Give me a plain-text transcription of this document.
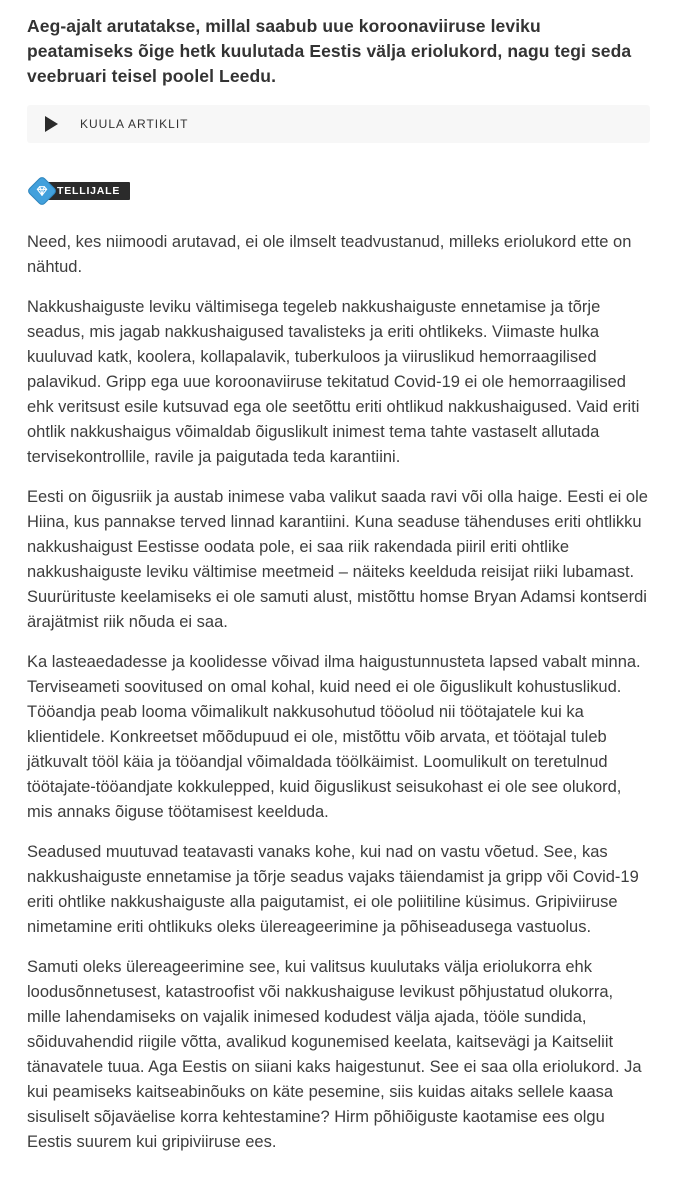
Aeg-ajalt arutatakse, millal saabub uue koroonaviiruse leviku peatamiseks õige hetk kuulutada Eestis välja eriolukord, nagu tegi seda veebruari teisel poolel Leedu.

KUULA ARTIKLIT
TELLIJALE

Need, kes niimoodi arutavad, ei ole ilmselt teadvustanud, milleks eriolukord ette on nähtud.

Nakkushaiguste leviku vältimisega tegeleb nakkushaiguste ennetamise ja tõrje seadus, mis jagab nakkushaigused tavalisteks ja eriti ohtlikeks. Viimaste hulka kuuluvad katk, koolera, kollapalavik, tuberkuloos ja viiruslikud hemorraagilised palavikud. Gripp ega uue koroonaviiruse tekitatud Covid-19 ei ole hemorraagilised ehk veritsust esile kutsuvad ega ole seetõttu eriti ohtlikud nakkushaigused. Vaid eriti ohtlik nakkushaigus võimaldab õiguslikult inimest tema tahte vastaselt allutada tervisekontrollile, ravile ja paigutada teda karantiini.

Eesti on õigusriik ja austab inimese vaba valikut saada ravi või olla haige. Eesti ei ole Hiina, kus pannakse terved linnad karantiini. Kuna seaduse tähenduses eriti ohtlikku nakkushaigust Eestisse oodata pole, ei saa riik rakendada piiril eriti ohtlike nakkushaiguste leviku vältimise meetmeid – näiteks keelduda reisijat riiki lubamast. Suurürituste keelamiseks ei ole samuti alust, mistõttu homse Bryan Adamsi kontserdi ärajätmist riik nõuda ei saa.

Ka lasteaedadesse ja koolidesse võivad ilma haigustunnusteta lapsed vabalt minna. Terviseameti soovitused on omal kohal, kuid need ei ole õiguslikult kohustuslikud. Tööandja peab looma võimalikult nakkusohutud tööolud nii töötajatele kui ka klientidele. Konkreetset mõõdupuud ei ole, mistõttu võib arvata, et töötajal tuleb jätkuvalt tööl käia ja tööandjal võimaldada töölkäimist. Loomulikult on teretulnud töötajate-tööandjate kokkulepped, kuid õiguslikust seisukohast ei ole see olukord, mis annaks õiguse töötamisest keelduda.

Seadused muutuvad teatavasti vanaks kohe, kui nad on vastu võetud. See, kas nakkushaiguste ennetamise ja tõrje seadus vajaks täiendamist ja gripp või Covid-19 eriti ohtlike nakkushaiguste alla paigutamist, ei ole poliitiline küsimus. Gripiviiruse nimetamine eriti ohtlikuks oleks ülereageerimine ja põhiseadusega vastuolus.

Samuti oleks ülereageerimine see, kui valitsus kuulutaks välja eriolukorra ehk loodusõnnetusest, katastroofist või nakkushaiguse levikust põhjustatud olukorra, mille lahendamiseks on vajalik inimesed kodudest välja ajada, tööle sundida, sõiduvahendid riigile võtta, avalikud kogunemised keelata, kaitsevägi ja Kaitseliit tänavatele tuua. Aga Eestis on siiani kaks haigestunut. See ei saa olla eriolukord. Ja kui peamiseks kaitseabinõuks on käte pesemine, siis kuidas aitaks sellele kaasa sisuliselt sõjaväelise korra kehtestamine? Hirm põhiõiguste kaotamise ees olgu Eestis suurem kui gripiviiruse ees.
